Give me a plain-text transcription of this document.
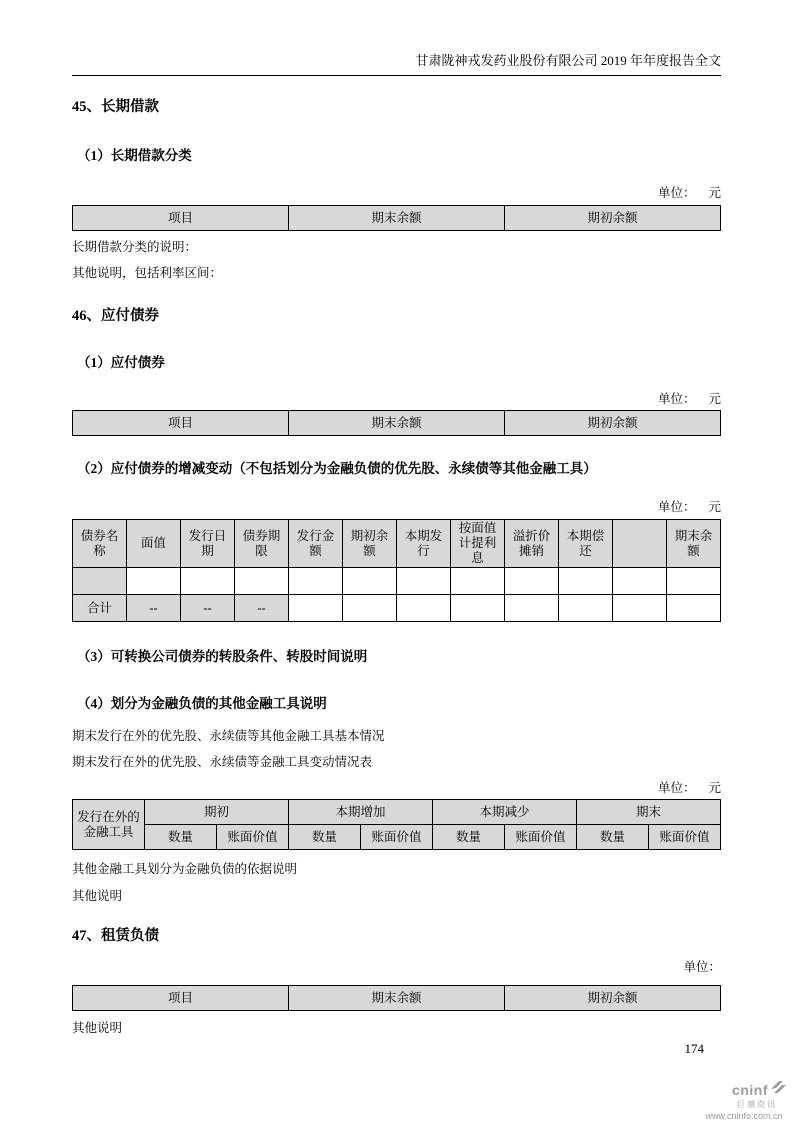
甘肃陇神戎发药业股份有限公司 2019 年年度报告全文
45、长期借款
（1）长期借款分类
单位： 元
项目	期末余额	期初余额
长期借款分类的说明：
其他说明，包括利率区间：
46、应付债券
（1）应付债券
单位： 元
项目	期末余额	期初余额
（2）应付债券的增减变动（不包括划分为金融负债的优先股、永续债等其他金融工具）
单位： 元
债券名称	面值	发行日期	债券期限	发行金额	期初余额	本期发行	按面值计提利息	溢折价摊销	本期偿还		期末余额

合计	--	--	--								
（3）可转换公司债券的转股条件、转股时间说明
（4）划分为金融负债的其他金融工具说明
期末发行在外的优先股、永续债等其他金融工具基本情况
期末发行在外的优先股、永续债等金融工具变动情况表
单位： 元
发行在外的金融工具	期初		本期增加		本期减少		期末	
	数量	账面价值	数量	账面价值	数量	账面价值	数量	账面价值
其他金融工具划分为金融负债的依据说明
其他说明
47、租赁负债
单位：
项目	期末余额	期初余额
其他说明
174
cninf
巨潮资讯
www.cninfo.com.cn
